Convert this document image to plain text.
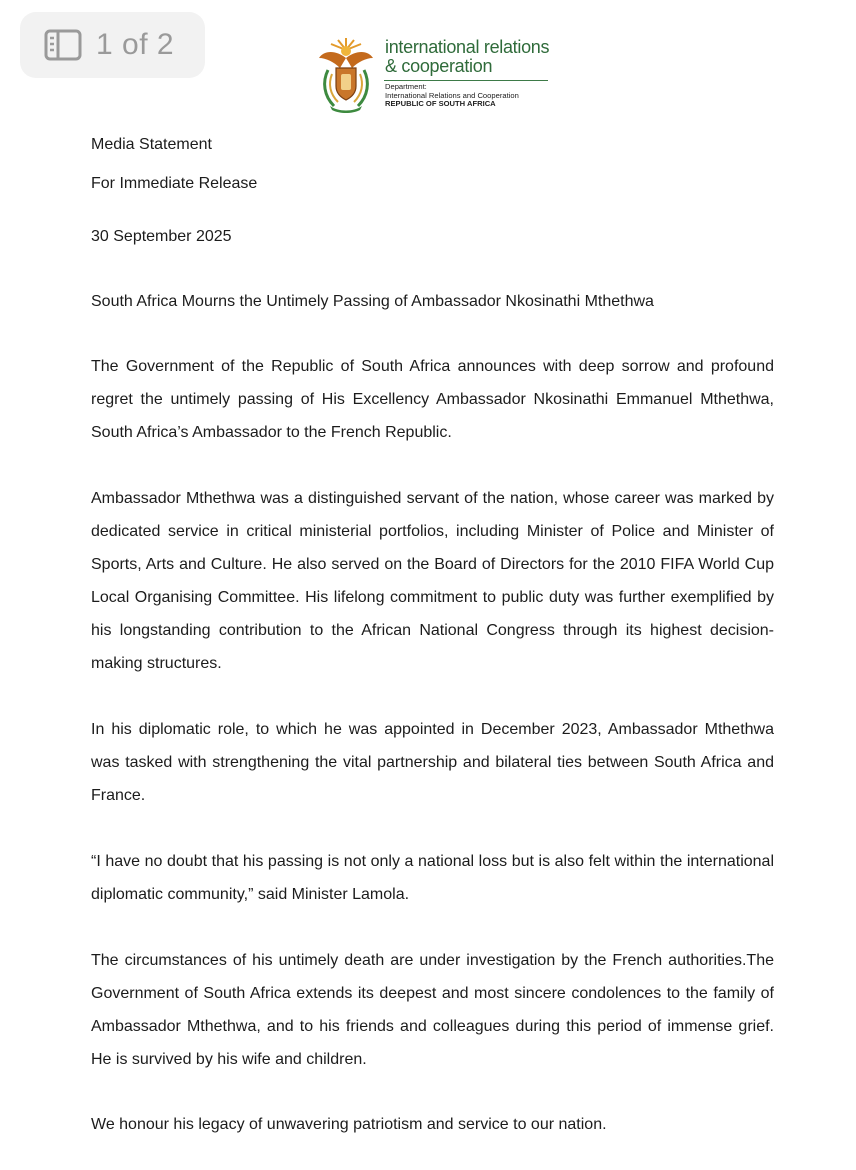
1 of 2	international relations
& cooperation
Department:
International Relations and Cooperation
REPUBLIC OF SOUTH AFRICA
Media Statement
For Immediate Release
30 September 2025
South Africa Mourns the Untimely Passing of Ambassador Nkosinathi Mthethwa
The Government of the Republic of South Africa announces with deep sorrow and profound regret the untimely passing of His Excellency Ambassador Nkosinathi Emmanuel Mthethwa, South Africa’s Ambassador to the French Republic.
Ambassador Mthethwa was a distinguished servant of the nation, whose career was marked by dedicated service in critical ministerial portfolios, including Minister of Police and Minister of Sports, Arts and Culture. He also served on the Board of Directors for the 2010 FIFA World Cup Local Organising Committee. His lifelong commitment to public duty was further exemplified by his longstanding contribution to the African National Congress through its highest decision-making structures.
In his diplomatic role, to which he was appointed in December 2023, Ambassador Mthethwa was tasked with strengthening the vital partnership and bilateral ties between South Africa and France.
“I have no doubt that his passing is not only a national loss but is also felt within the international diplomatic community,” said Minister Lamola.
The circumstances of his untimely death are under investigation by the French authorities.The Government of South Africa extends its deepest and most sincere condolences to the family of Ambassador Mthethwa, and to his friends and colleagues during this period of immense grief. He is survived by his wife and children.
We honour his legacy of unwavering patriotism and service to our nation.
